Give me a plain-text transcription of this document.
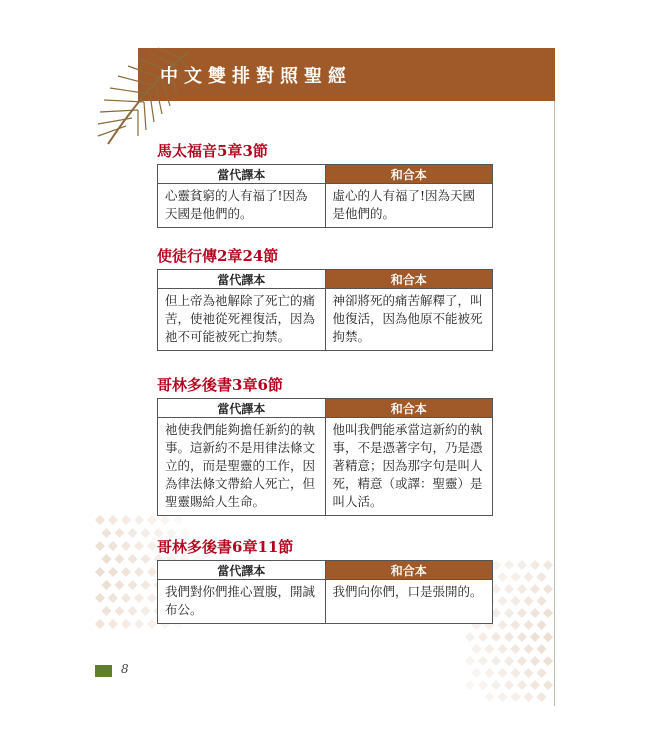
中文雙排對照聖經
馬太福音5章3節
當代譯本	和合本
心靈貧窮的人有福了!因為天國是他們的。	虛心的人有福了!因為天國是他們的。
使徒行傳2章24節
當代譯本	和合本
但上帝為祂解除了死亡的痛苦，使祂從死裡復活，因為祂不可能被死亡拘禁。	神卻將死的痛苦解釋了，叫他復活，因為他原不能被死拘禁。
哥林多後書3章6節
當代譯本	和合本
祂使我們能夠擔任新約的執事。這新約不是用律法條文立的，而是聖靈的工作，因為律法條文帶給人死亡，但聖靈賜給人生命。	他叫我們能承當這新約的執事，不是憑著字句，乃是憑著精意；因為那字句是叫人死，精意（或譯：聖靈）是叫人活。
哥林多後書6章11節
當代譯本	和合本
我們對你們推心置腹，開誠布公。	我們向你們，口是張開的。
8
